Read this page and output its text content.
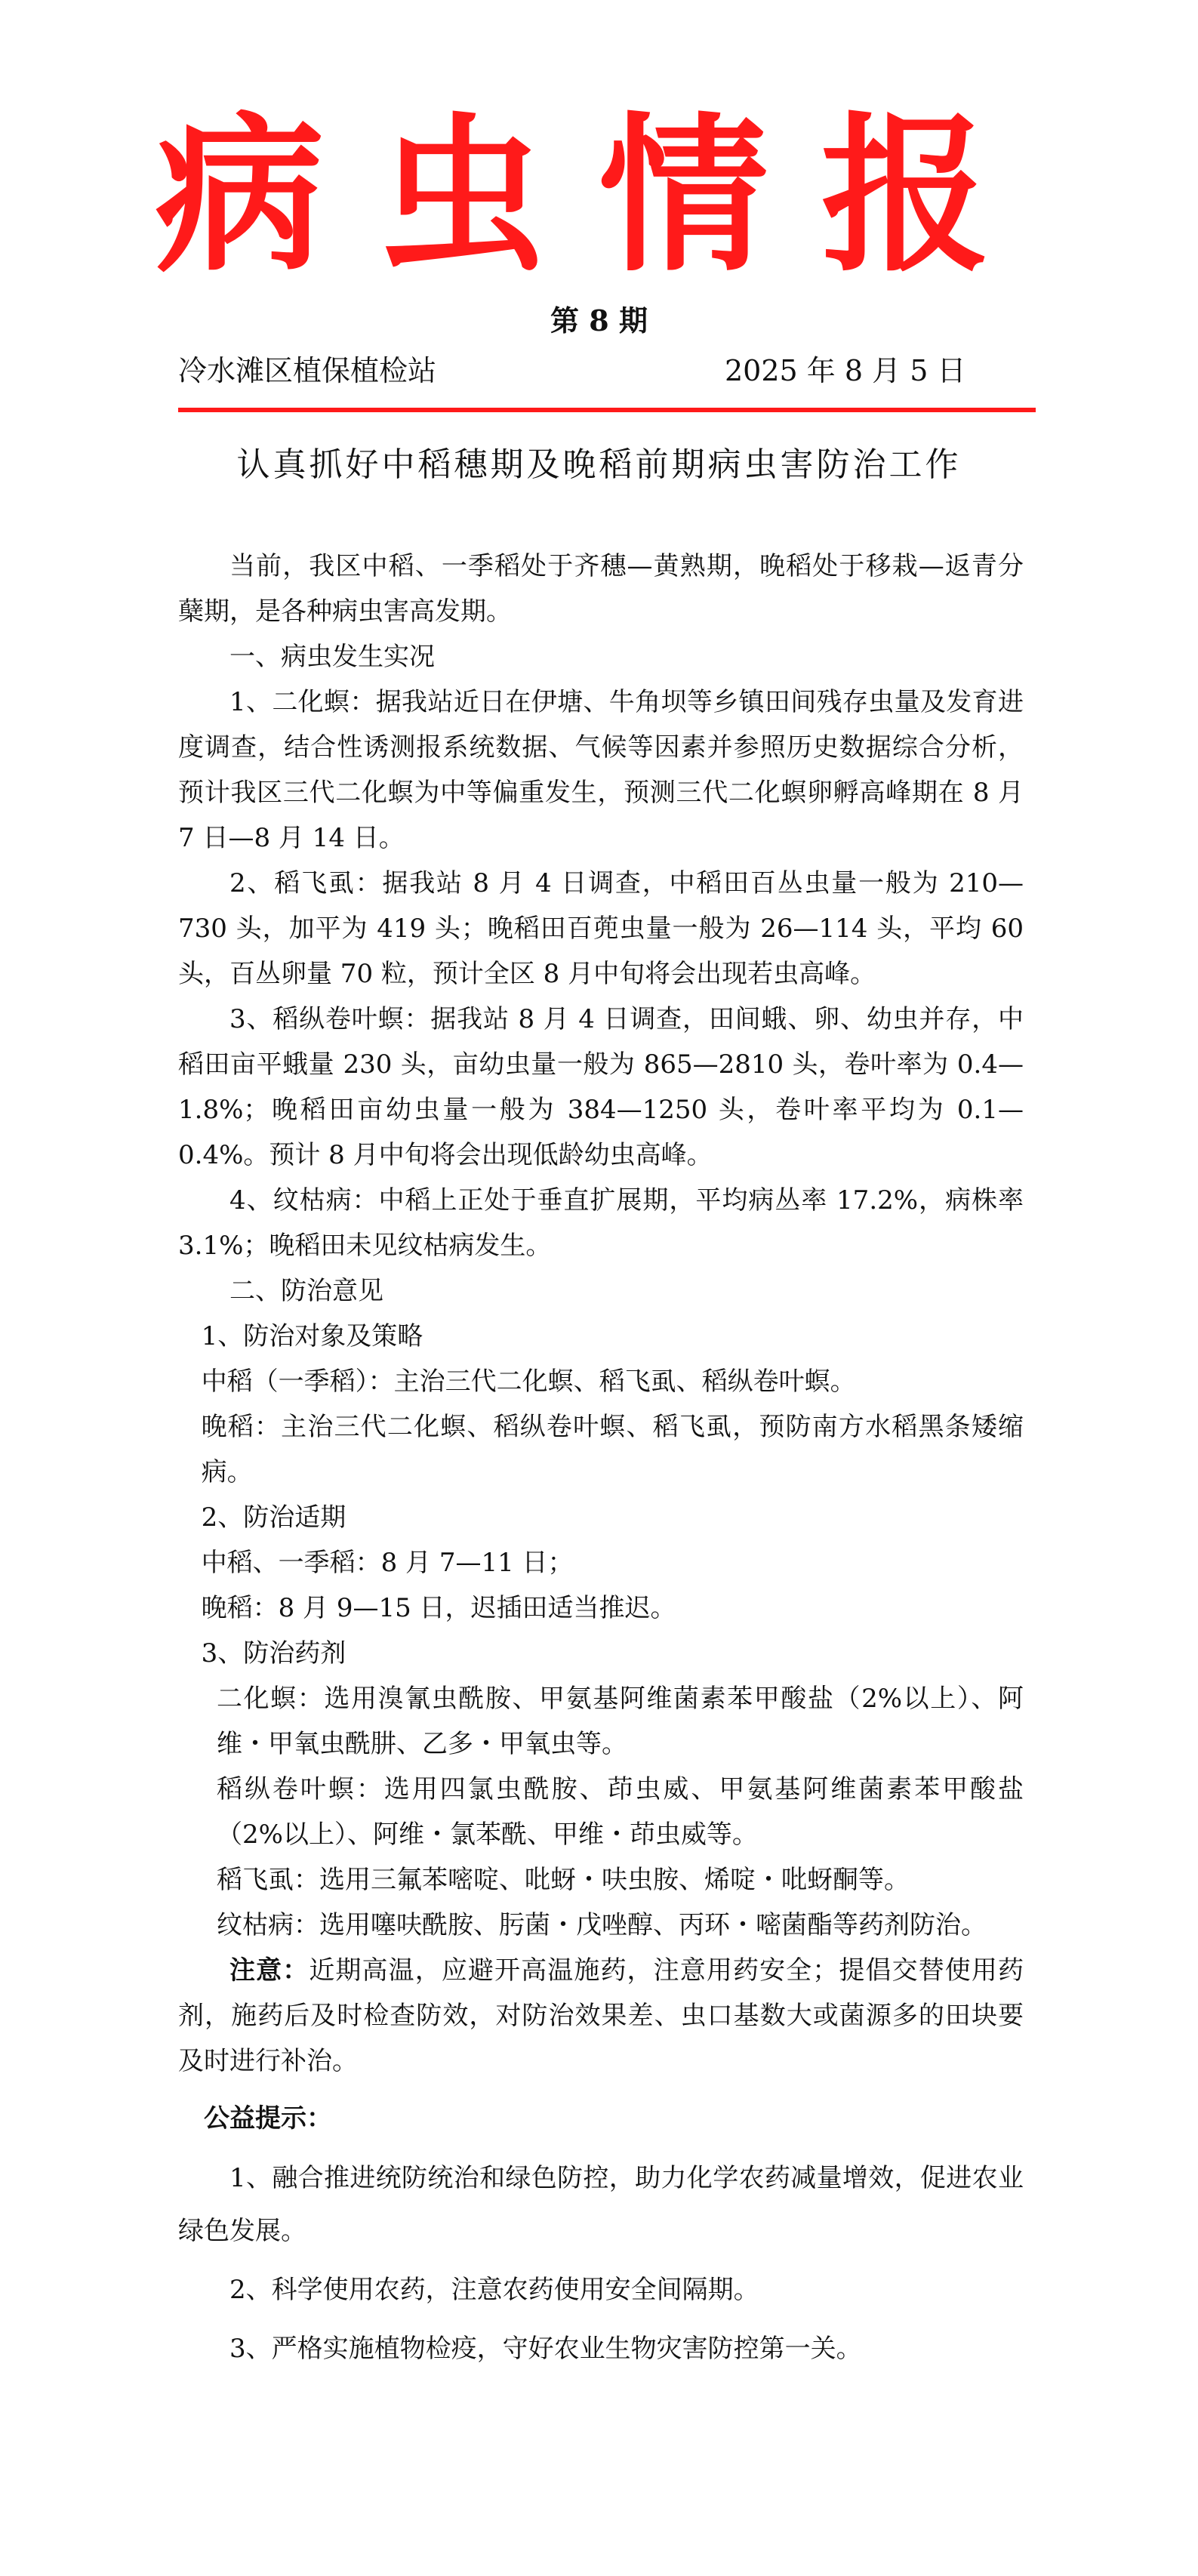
病虫情报
第 8 期
冷水滩区植保植检站	2025 年 8 月 5 日
认真抓好中稻穗期及晚稻前期病虫害防治工作

当前，我区中稻、一季稻处于齐穗—黄熟期，晚稻处于移栽—返青分蘖期，是各种病虫害高发期。

一、病虫发生实况

1、二化螟：据我站近日在伊塘、牛角坝等乡镇田间残存虫量及发育进度调查，结合性诱测报系统数据、气候等因素并参照历史数据综合分析，预计我区三代二化螟为中等偏重发生，预测三代二化螟卵孵高峰期在 8 月 7 日—8 月 14 日。

2、稻飞虱：据我站 8 月 4 日调查，中稻田百丛虫量一般为 210—730 头，加平为 419 头；晚稻田百蔸虫量一般为 26—114 头，平均 60 头，百丛卵量 70 粒，预计全区 8 月中旬将会出现若虫高峰。

3、稻纵卷叶螟：据我站 8 月 4 日调查，田间蛾、卵、幼虫并存，中稻田亩平蛾量 230 头，亩幼虫量一般为 865—2810 头，卷叶率为 0.4—1.8%；晚稻田亩幼虫量一般为 384—1250 头，卷叶率平均为 0.1—0.4%。预计 8 月中旬将会出现低龄幼虫高峰。

4、纹枯病：中稻上正处于垂直扩展期，平均病丛率 17.2%，病株率 3.1%；晚稻田未见纹枯病发生。

二、防治意见

1、防治对象及策略

中稻（一季稻）：主治三代二化螟、稻飞虱、稻纵卷叶螟。

晚稻：主治三代二化螟、稻纵卷叶螟、稻飞虱，预防南方水稻黑条矮缩病。

2、防治适期

中稻、一季稻：8 月 7—11 日；

晚稻：8 月 9—15 日，迟插田适当推迟。

3、防治药剂

二化螟：选用溴氰虫酰胺、甲氨基阿维菌素苯甲酸盐（2%以上）、阿维・甲氧虫酰肼、乙多・甲氧虫等。

稻纵卷叶螟：选用四氯虫酰胺、茚虫威、甲氨基阿维菌素苯甲酸盐（2%以上）、阿维・氯苯酰、甲维・茚虫威等。

稻飞虱：选用三氟苯嘧啶、吡蚜・呋虫胺、烯啶・吡蚜酮等。

纹枯病：选用噻呋酰胺、肟菌・戊唑醇、丙环・嘧菌酯等药剂防治。

注意：近期高温，应避开高温施药，注意用药安全；提倡交替使用药剂，施药后及时检查防效，对防治效果差、虫口基数大或菌源多的田块要及时进行补治。

公益提示：

1、融合推进统防统治和绿色防控，助力化学农药减量增效，促进农业绿色发展。

2、科学使用农药，注意农药使用安全间隔期。

3、严格实施植物检疫，守好农业生物灾害防控第一关。
